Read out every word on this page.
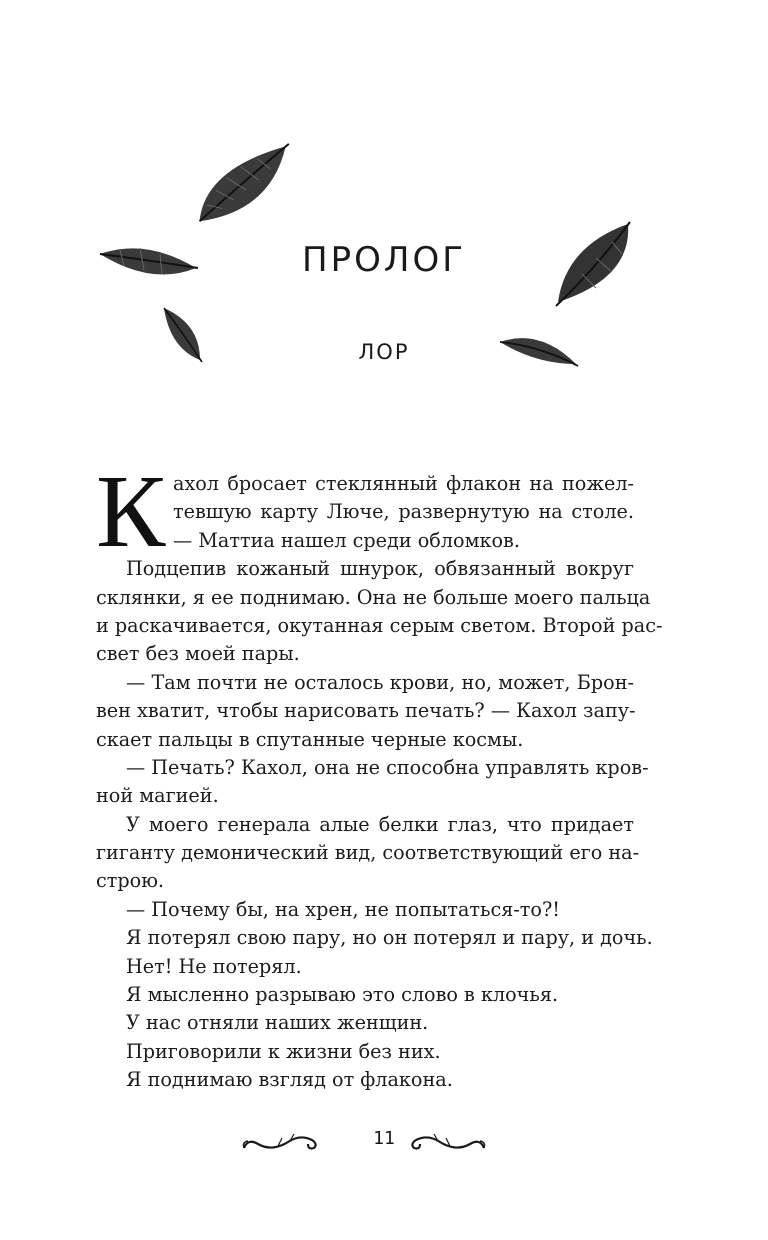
ПРОЛОГ
ЛОР
К ахол бросает стеклянный флакон на пожел-
тевшую карту Люче, развернутую на столе.
— Маттиа нашел среди обломков.
Подцепив кожаный шнурок, обвязанный вокруг
склянки, я ее поднимаю. Она не больше моего пальца
и раскачивается, окутанная серым светом. Второй рас-
свет без моей пары.
— Там почти не осталось крови, но, может, Брон-
вен хватит, чтобы нарисовать печать? — Кахол запу-
скает пальцы в спутанные черные космы.
— Печать? Кахол, она не способна управлять кров-
ной магией.
У моего генерала алые белки глаз, что придает
гиганту демонический вид, соответствующий его на-
строю.
— Почему бы, на хрен, не попытаться-то?!
Я потерял свою пару, но он потерял и пару, и дочь.
Нет! Не потерял.
Я мысленно разрываю это слово в клочья.
У нас отняли наших женщин.
Приговорили к жизни без них.
Я поднимаю взгляд от флакона.
11
